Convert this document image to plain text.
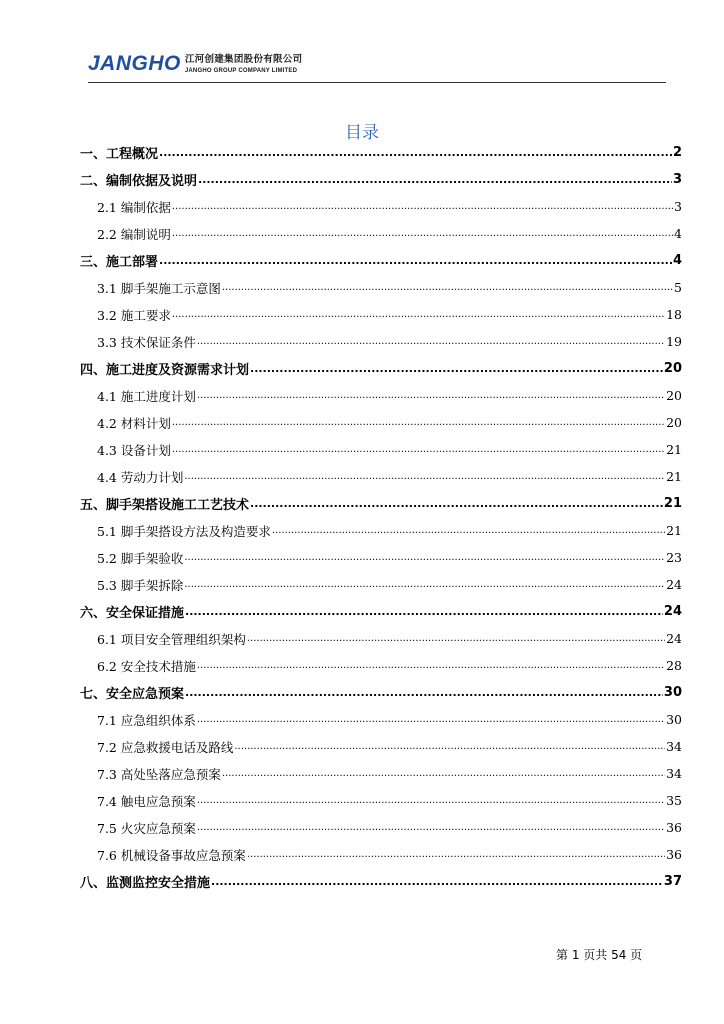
JANGHO 江河创建集团股份有限公司
JANGHO GROUP COMPANY LIMITED
目录
一、工程概况 .....	2
二、编制依据及说明 .....	3
2.1 编制依据 .....	3
2.2 编制说明 .....	4
三、施工部署 .....	4
3.1 脚手架施工示意图 .....	5
3.2 施工要求 .....	18
3.3 技术保证条件 .....	19
四、施工进度及资源需求计划 .....	20
4.1 施工进度计划 .....	20
4.2 材料计划 .....	20
4.3 设备计划 .....	21
4.4 劳动力计划 .....	21
五、脚手架搭设施工工艺技术 .....	21
5.1 脚手架搭设方法及构造要求 .....	21
5.2 脚手架验收 .....	23
5.3 脚手架拆除 .....	24
六、安全保证措施 .....	24
6.1 项目安全管理组织架构 .....	24
6.2 安全技术措施 .....	28
七、安全应急预案 .....	30
7.1 应急组织体系 .....	30
7.2 应急救援电话及路线 .....	34
7.3 高处坠落应急预案 .....	34
7.4 触电应急预案 .....	35
7.5 火灾应急预案 .....	36
7.6 机械设备事故应急预案 .....	36
八、监测监控安全措施 .....	37
第 1 页共 54 页
